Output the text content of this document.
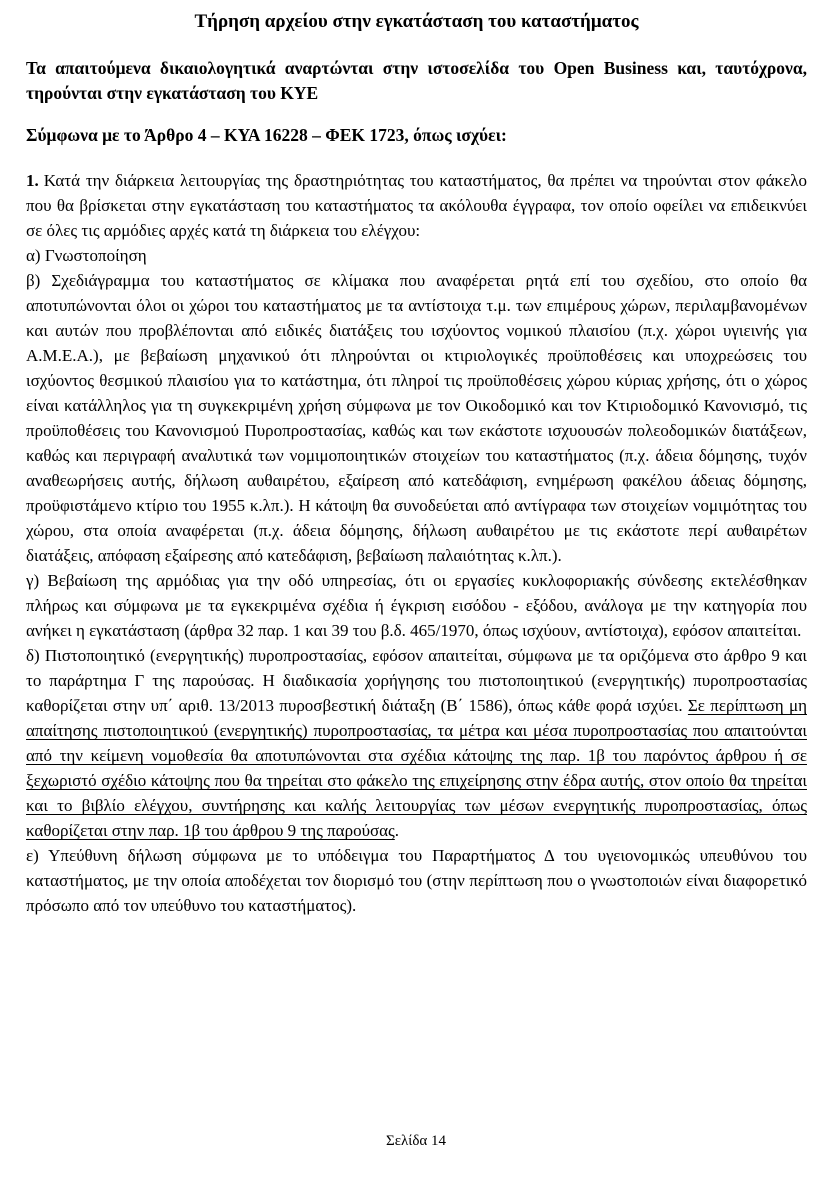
Τήρηση αρχείου στην εγκατάσταση του καταστήματος

Τα απαιτούμενα δικαιολογητικά αναρτώνται στην ιστοσελίδα του Open Business και, ταυτόχρονα, τηρούνται στην εγκατάσταση του ΚΥΕ

Σύμφωνα με το Άρθρο 4 – ΚΥΑ 16228 – ΦΕΚ 1723, όπως ισχύει:

1. Κατά την διάρκεια λειτουργίας της δραστηριότητας του καταστήματος, θα πρέπει να τηρούνται στον φάκελο που θα βρίσκεται στην εγκατάσταση του καταστήματος τα ακόλουθα έγγραφα, τον οποίο οφείλει να επιδεικνύει σε όλες τις αρμόδιες αρχές κατά τη διάρκεια του ελέγχου:

α) Γνωστοποίηση

β) Σχεδιάγραμμα του καταστήματος σε κλίμακα που αναφέρεται ρητά επί του σχεδίου, στο οποίο θα αποτυπώνονται όλοι οι χώροι του καταστήματος με τα αντίστοιχα τ.μ. των επιμέρους χώρων, περιλαμβανομένων και αυτών που προβλέπονται από ειδικές διατάξεις του ισχύοντος νομικού πλαισίου (π.χ. χώροι υγιεινής για Α.Μ.Ε.Α.), με βεβαίωση μηχανικού ότι πληρούνται οι κτιριολογικές προϋποθέσεις και υποχρεώσεις του ισχύοντος θεσμικού πλαισίου για το κατάστημα, ότι πληροί τις προϋποθέσεις χώρου κύριας χρήσης, ότι ο χώρος είναι κατάλληλος για τη συγκεκριμένη χρήση σύμφωνα με τον Οικοδομικό και τον Κτιριοδομικό Κανονισμό, τις προϋποθέσεις του Κανονισμού Πυροπροστασίας, καθώς και των εκάστοτε ισχυουσών πολεοδομικών διατάξεων, καθώς και περιγραφή αναλυτικά των νομιμοποιητικών στοιχείων του καταστήματος (π.χ. άδεια δόμησης, τυχόν αναθεωρήσεις αυτής, δήλωση αυθαιρέτου, εξαίρεση από κατεδάφιση, ενημέρωση φακέλου άδειας δόμησης, προϋφιστάμενο κτίριο του 1955 κ.λπ.). Η κάτοψη θα συνοδεύεται από αντίγραφα των στοιχείων νομιμότητας του χώρου, στα οποία αναφέρεται (π.χ. άδεια δόμησης, δήλωση αυθαιρέτου με τις εκάστοτε περί αυθαιρέτων διατάξεις, απόφαση εξαίρεσης από κατεδάφιση, βεβαίωση παλαιότητας κ.λπ.).

γ) Βεβαίωση της αρμόδιας για την οδό υπηρεσίας, ότι οι εργασίες κυκλοφοριακής σύνδεσης εκτελέσθηκαν πλήρως και σύμφωνα με τα εγκεκριμένα σχέδια ή έγκριση εισόδου - εξόδου, ανάλογα με την κατηγορία που ανήκει η εγκατάσταση (άρθρα 32 παρ. 1 και 39 του β.δ. 465/1970, όπως ισχύουν, αντίστοιχα), εφόσον απαιτείται.

δ) Πιστοποιητικό (ενεργητικής) πυροπροστασίας, εφόσον απαιτείται, σύμφωνα με τα οριζόμενα στο άρθρο 9 και το παράρτημα Γ της παρούσας. Η διαδικασία χορήγησης του πιστοποιητικού (ενεργητικής) πυροπροστασίας καθορίζεται στην υπ΄ αριθ. 13/2013 πυροσβεστική διάταξη (Β΄ 1586), όπως κάθε φορά ισχύει. Σε περίπτωση μη απαίτησης πιστοποιητικού (ενεργητικής) πυροπροστασίας, τα μέτρα και μέσα πυροπροστασίας που απαιτούνται από την κείμενη νομοθεσία θα αποτυπώνονται στα σχέδια κάτοψης της παρ. 1β του παρόντος άρθρου ή σε ξεχωριστό σχέδιο κάτοψης που θα τηρείται στο φάκελο της επιχείρησης στην έδρα αυτής, στον οποίο θα τηρείται και το βιβλίο ελέγχου, συντήρησης και καλής λειτουργίας των μέσων ενεργητικής πυροπροστασίας, όπως καθορίζεται στην παρ. 1β του άρθρου 9 της παρούσας.

ε) Υπεύθυνη δήλωση σύμφωνα με το υπόδειγμα του Παραρτήματος Δ του υγειονομικώς υπευθύνου του καταστήματος, με την οποία αποδέχεται τον διορισμό του (στην περίπτωση που ο γνωστοποιών είναι διαφορετικό πρόσωπο από τον υπεύθυνο του καταστήματος).

Σελίδα 14
